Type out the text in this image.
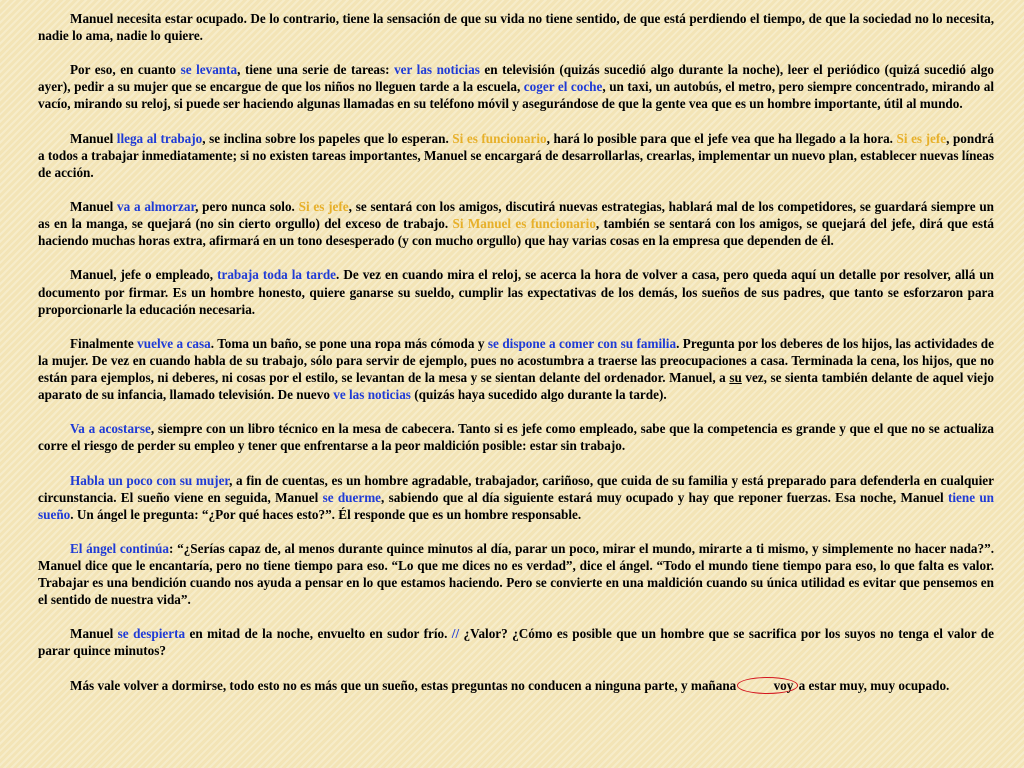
Manuel necesita estar ocupado. De lo contrario, tiene la sensación de que su vida no tiene sentido, de que está perdiendo el tiempo, de que la sociedad no lo necesita, nadie lo ama, nadie lo quiere.

Por eso, en cuanto se levanta, tiene una serie de tareas: ver las noticias en televisión (quizás sucedió algo durante la noche), leer el periódico (quizá sucedió algo ayer), pedir a su mujer que se encargue de que los niños no lleguen tarde a la escuela, coger el coche, un taxi, un autobús, el metro, pero siempre concentrado, mirando al vacío, mirando su reloj, si puede ser haciendo algunas llamadas en su teléfono móvil y asegurándose de que la gente vea que es un hombre importante, útil al mundo.

Manuel llega al trabajo, se inclina sobre los papeles que lo esperan. Si es funcionario, hará lo posible para que el jefe vea que ha llegado a la hora. Si es jefe, pondrá a todos a trabajar inmediatamente; si no existen tareas importantes, Manuel se encargará de desarrollarlas, crearlas, implementar un nuevo plan, establecer nuevas líneas de acción.

Manuel va a almorzar, pero nunca solo. Si es jefe, se sentará con los amigos, discutirá nuevas estrategias, hablará mal de los competidores, se guardará siempre un as en la manga, se quejará (no sin cierto orgullo) del exceso de trabajo. Si Manuel es funcionario, también se sentará con los amigos, se quejará del jefe, dirá que está haciendo muchas horas extra, afirmará en un tono desesperado (y con mucho orgullo) que hay varias cosas en la empresa que dependen de él.

Manuel, jefe o empleado, trabaja toda la tarde. De vez en cuando mira el reloj, se acerca la hora de volver a casa, pero queda aquí un detalle por resolver, allá un documento por firmar. Es un hombre honesto, quiere ganarse su sueldo, cumplir las expectativas de los demás, los sueños de sus padres, que tanto se esforzaron para proporcionarle la educación necesaria.

Finalmente vuelve a casa. Toma un baño, se pone una ropa más cómoda y se dispone a comer con su familia. Pregunta por los deberes de los hijos, las actividades de la mujer. De vez en cuando habla de su trabajo, sólo para servir de ejemplo, pues no acostumbra a traerse las preocupaciones a casa. Terminada la cena, los hijos, que no están para ejemplos, ni deberes, ni cosas por el estilo, se levantan de la mesa y se sientan delante del ordenador. Manuel, a su vez, se sienta también delante de aquel viejo aparato de su infancia, llamado televisión. De nuevo ve las noticias (quizás haya sucedido algo durante la tarde).

Va a acostarse, siempre con un libro técnico en la mesa de cabecera. Tanto si es jefe como empleado, sabe que la competencia es grande y que el que no se actualiza corre el riesgo de perder su empleo y tener que enfrentarse a la peor maldición posible: estar sin trabajo.

Habla un poco con su mujer, a fin de cuentas, es un hombre agradable, trabajador, cariñoso, que cuida de su familia y está preparado para defenderla en cualquier circunstancia. El sueño viene en seguida, Manuel se duerme, sabiendo que al día siguiente estará muy ocupado y hay que reponer fuerzas. Esa noche, Manuel tiene un sueño. Un ángel le pregunta: “¿Por qué haces esto?”. Él responde que es un hombre responsable.

El ángel continúa: “¿Serías capaz de, al menos durante quince minutos al día, parar un poco, mirar el mundo, mirarte a ti mismo, y simplemente no hacer nada?”. Manuel dice que le encantaría, pero no tiene tiempo para eso. “Lo que me dices no es verdad”, dice el ángel. “Todo el mundo tiene tiempo para eso, lo que falta es valor. Trabajar es una bendición cuando nos ayuda a pensar en lo que estamos haciendo. Pero se convierte en una maldición cuando su única utilidad es evitar que pensemos en el sentido de nuestra vida”.

Manuel se despierta en mitad de la noche, envuelto en sudor frío. // ¿Valor? ¿Cómo es posible que un hombre que se sacrifica por los suyos no tenga el valor de parar quince minutos?

Más vale volver a dormirse, todo esto no es más que un sueño, estas preguntas no conducen a ninguna parte, y mañana	voy a estar muy, muy ocupado.
